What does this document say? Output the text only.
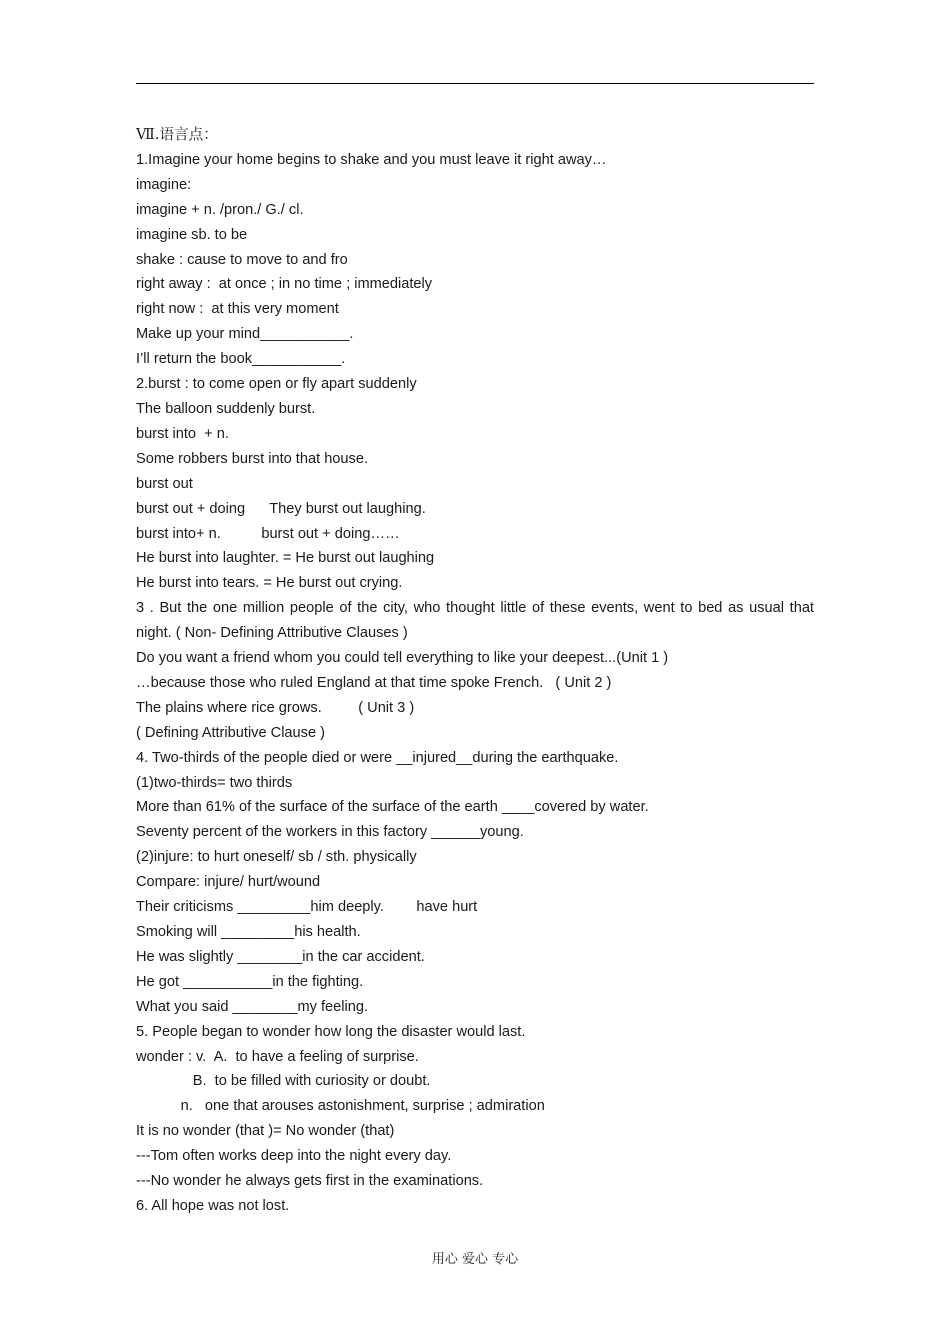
Ⅶ.语言点：
1.Imagine your home begins to shake and you must leave it right away…
imagine:
imagine + n. /pron./ G./ cl.
imagine sb. to be
shake : cause to move to and fro
right away :  at once ; in no time ; immediately
right now :  at this very moment
Make up your mind___________.
I’ll return the book___________.
2.burst : to come open or fly apart suddenly
The balloon suddenly burst.
burst into  + n.
Some robbers burst into that house.
burst out
burst out + doing      They burst out laughing.
burst into+ n.          burst out + doing……
He burst into laughter. = He burst out laughing
He burst into tears. = He burst out crying.
3 . But the one million people of the city, who thought little of these events, went to bed as usual that night. ( Non- Defining Attributive Clauses )
Do you want a friend whom you could tell everything to like your deepest...(Unit 1 )
…because those who ruled England at that time spoke French.   ( Unit 2 )
The plains where rice grows.         ( Unit 3 )
( Defining Attributive Clause )
4. Two-thirds of the people died or were __injured__during the earthquake.
(1)two-thirds= two thirds
More than 61% of the surface of the surface of the earth ____covered by water.
Seventy percent of the workers in this factory ______young.
(2)injure: to hurt oneself/ sb / sth. physically
Compare: injure/ hurt/wound
Their criticisms _________him deeply.        have hurt
Smoking will _________his health.
He was slightly ________in the car accident.
He got ___________in the fighting.
What you said ________my feeling.
5. People began to wonder how long the disaster would last.
wonder : v.  A.  to have a feeling of surprise.
B.  to be filled with curiosity or doubt.
n.   one that arouses astonishment, surprise ; admiration
It is no wonder (that )= No wonder (that)
---Tom often works deep into the night every day.
---No wonder he always gets first in the examinations.
6. All hope was not lost.
用心 爱心 专心
